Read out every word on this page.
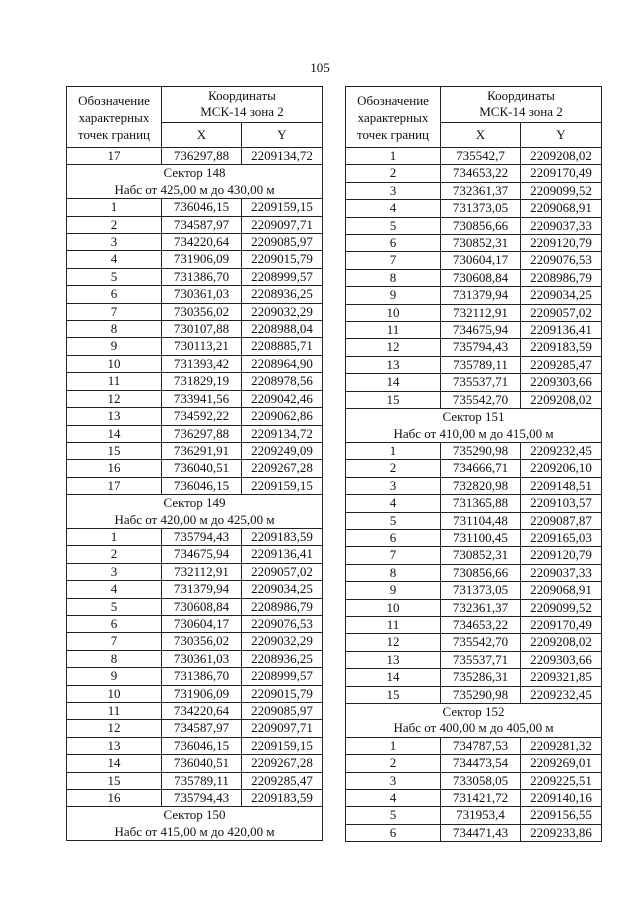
105
Обозначение
характерных
точек границ	Координаты
МСК-14 зона 2	
	X	Y
17	736297,88	2209134,72
Сектор 148		
Набс от 425,00 м до 430,00 м		
1	736046,15	2209159,15
2	734587,97	2209097,71
3	734220,64	2209085,97
4	731906,09	2209015,79
5	731386,70	2208999,57
6	730361,03	2208936,25
7	730356,02	2209032,29
8	730107,88	2208988,04
9	730113,21	2208885,71
10	731393,42	2208964,90
11	731829,19	2208978,56
12	733941,56	2209042,46
13	734592,22	2209062,86
14	736297,88	2209134,72
15	736291,91	2209249,09
16	736040,51	2209267,28
17	736046,15	2209159,15
Сектор 149		
Набс от 420,00 м до 425,00 м		
1	735794,43	2209183,59
2	734675,94	2209136,41
3	732112,91	2209057,02
4	731379,94	2209034,25
5	730608,84	2208986,79
6	730604,17	2209076,53
7	730356,02	2209032,29
8	730361,03	2208936,25
9	731386,70	2208999,57
10	731906,09	2209015,79
11	734220,64	2209085,97
12	734587,97	2209097,71
13	736046,15	2209159,15
14	736040,51	2209267,28
15	735789,11	2209285,47
16	735794,43	2209183,59
Сектор 150		
Набс от 415,00 м до 420,00 м		
Обозначение
характерных
точек границ	Координаты
МСК-14 зона 2	
	X	Y
1	735542,7	2209208,02
2	734653,22	2209170,49
3	732361,37	2209099,52
4	731373,05	2209068,91
5	730856,66	2209037,33
6	730852,31	2209120,79
7	730604,17	2209076,53
8	730608,84	2208986,79
9	731379,94	2209034,25
10	732112,91	2209057,02
11	734675,94	2209136,41
12	735794,43	2209183,59
13	735789,11	2209285,47
14	735537,71	2209303,66
15	735542,70	2209208,02
Сектор 151		
Набс от 410,00 м до 415,00 м		
1	735290,98	2209232,45
2	734666,71	2209206,10
3	732820,98	2209148,51
4	731365,88	2209103,57
5	731104,48	2209087,87
6	731100,45	2209165,03
7	730852,31	2209120,79
8	730856,66	2209037,33
9	731373,05	2209068,91
10	732361,37	2209099,52
11	734653,22	2209170,49
12	735542,70	2209208,02
13	735537,71	2209303,66
14	735286,31	2209321,85
15	735290,98	2209232,45
Сектор 152		
Набс от 400,00 м до 405,00 м		
1	734787,53	2209281,32
2	734473,54	2209269,01
3	733058,05	2209225,51
4	731421,72	2209140,16
5	731953,4	2209156,55
6	734471,43	2209233,86
